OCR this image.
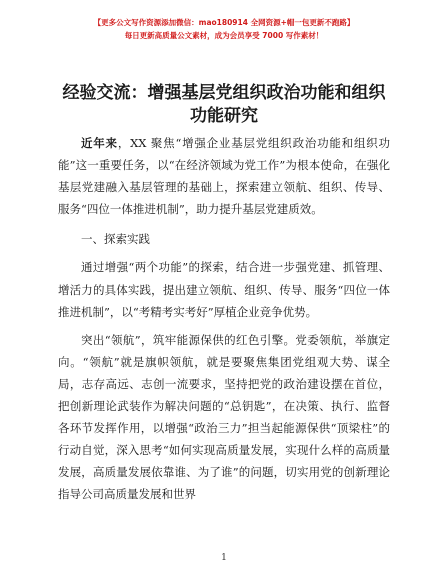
【更多公文写作资源添加微信：mao180914 全网资源+帽一包更新不跑路】
每日更新高质量公文素材，成为会员享受 7000 写作素材！
经验交流：增强基层党组织政治功能和组织功能研究

近年来，XX 聚焦“增强企业基层党组织政治功能和组织功能”这一重要任务，以“在经济领域为党工作”为根本使命，在强化基层党建融入基层管理的基础上，探索建立领航、组织、传导、服务“四位一体推进机制”，助力提升基层党建质效。

一、探索实践

通过增强“两个功能”的探索，结合进一步强党建、抓管理、增活力的具体实践，提出建立领航、组织、传导、服务“四位一体推进机制”，以“考精考实考好”厚植企业竞争优势。

突出“领航”，筑牢能源保供的红色引擎。党委领航，举旗定向。“领航”就是旗帜领航，就是要聚焦集团党组观大势、谋全局，志存高远、志创一流要求，坚持把党的政治建设摆在首位，把创新理论武装作为解决问题的“总钥匙”，在决策、执行、监督各环节发挥作用，以增强“政治三力”担当起能源保供“顶梁柱”的行动自觉，深入思考“如何实现高质量发展，实现什么样的高质量发展，高质量发展依靠谁、为了谁”的问题，切实用党的创新理论指导公司高质量发展和世界

1
